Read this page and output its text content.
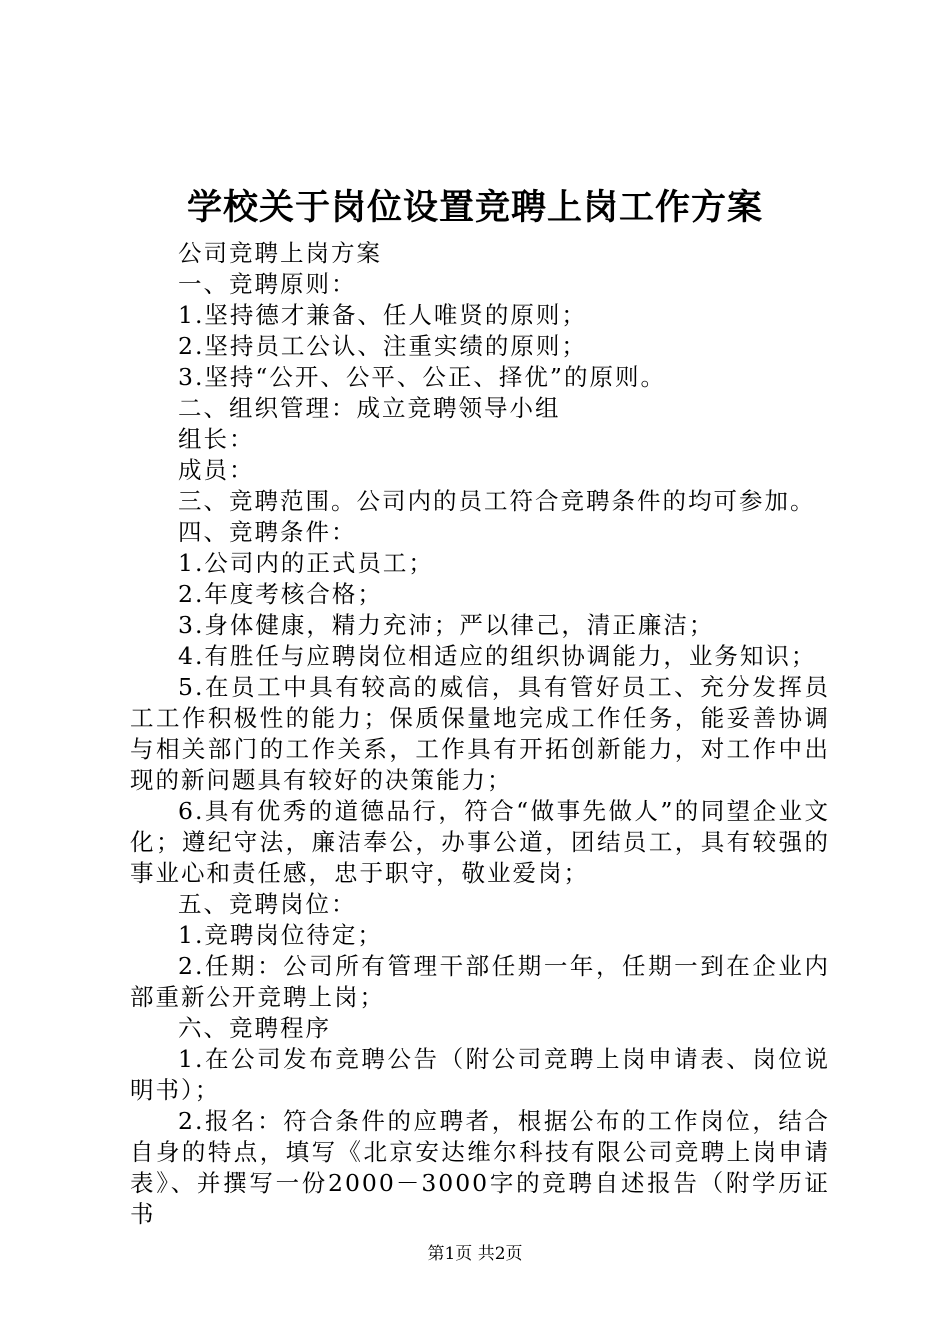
学校关于岗位设置竞聘上岗工作方案

公司竞聘上岗方案

一、竞聘原则：

1.坚持德才兼备、任人唯贤的原则；

2.坚持员工公认、注重实绩的原则；

3.坚持“公开、公平、公正、择优”的原则。

二、组织管理：成立竞聘领导小组

组长：

成员：

三、竞聘范围。公司内的员工符合竞聘条件的均可参加。

四、竞聘条件：

1.公司内的正式员工；

2.年度考核合格；

3.身体健康，精力充沛；严以律己，清正廉洁；

4.有胜任与应聘岗位相适应的组织协调能力，业务知识；

5.在员工中具有较高的威信，具有管好员工、充分发挥员工工作积极性的能力；保质保量地完成工作任务，能妥善协调与相关部门的工作关系，工作具有开拓创新能力，对工作中出现的新问题具有较好的决策能力；

6.具有优秀的道德品行，符合“做事先做人”的同望企业文化；遵纪守法，廉洁奉公，办事公道，团结员工，具有较强的事业心和责任感，忠于职守，敬业爱岗；

五、竞聘岗位：

1.竞聘岗位待定；

2.任期：公司所有管理干部任期一年，任期一到在企业内部重新公开竞聘上岗；

六、竞聘程序

1.在公司发布竞聘公告（附公司竞聘上岗申请表、岗位说明书）；

2.报名：符合条件的应聘者，根据公布的工作岗位，结合自身的特点，填写《北京安达维尔科技有限公司竞聘上岗申请表》、并撰写一份2000－3000字的竞聘自述报告（附学历证书

第1页 共2页
